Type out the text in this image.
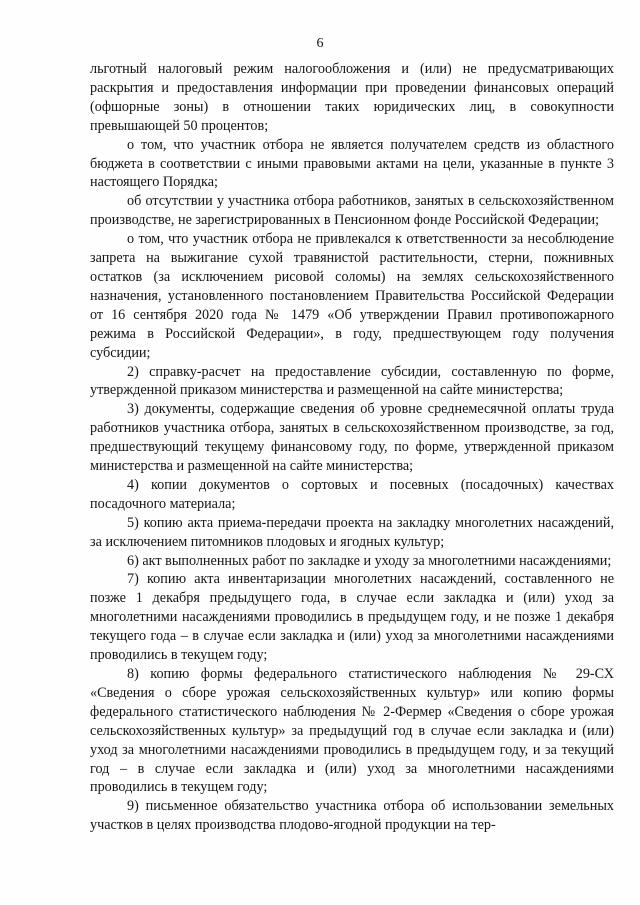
6

льготный налоговый режим налогообложения и (или) не предусматривающих раскрытия и предоставления информации при проведении финансовых операций (офшорные зоны) в отношении таких юридических лиц, в совокупности превышающей 50 процентов;

о том, что участник отбора не является получателем средств из областного бюджета в соответствии с иными правовыми актами на цели, указанные в пункте 3 настоящего Порядка;

об отсутствии у участника отбора работников, занятых в сельскохозяйственном производстве, не зарегистрированных в Пенсионном фонде Российской Федерации;

о том, что участник отбора не привлекался к ответственности за несоблюдение запрета на выжигание сухой травянистой растительности, стерни, пожнивных остатков (за исключением рисовой соломы) на землях сельскохозяйственного назначения, установленного постановлением Правительства Российской Федерации от 16 сентября 2020 года № 1479 «Об утверждении Правил противопожарного режима в Российской Федерации», в году, предшествующем году получения субсидии;

2) справку-расчет на предоставление субсидии, составленную по форме, утвержденной приказом министерства и размещенной на сайте министерства;

3) документы, содержащие сведения об уровне среднемесячной оплаты труда работников участника отбора, занятых в сельскохозяйственном производстве, за год, предшествующий текущему финансовому году, по форме, утвержденной приказом министерства и размещенной на сайте министерства;

4) копии документов о сортовых и посевных (посадочных) качествах посадочного материала;

5) копию акта приема-передачи проекта на закладку многолетних насаждений, за исключением питомников плодовых и ягодных культур;

6) акт выполненных работ по закладке и уходу за многолетними насаждениями;

7) копию акта инвентаризации многолетних насаждений, составленного не позже 1 декабря предыдущего года, в случае если закладка и (или) уход за многолетними насаждениями проводились в предыдущем году, и не позже 1 декабря текущего года – в случае если закладка и (или) уход за многолетними насаждениями проводились в текущем году;

8) копию формы федерального статистического наблюдения № 29-СХ «Сведения о сборе урожая сельскохозяйственных культур» или копию формы федерального статистического наблюдения № 2-Фермер «Сведения о сборе урожая сельскохозяйственных культур» за предыдущий год в случае если закладка и (или) уход за многолетними насаждениями проводились в предыдущем году, и за текущий год – в случае если закладка и (или) уход за многолетними насаждениями проводились в текущем году;

9) письменное обязательство участника отбора об использовании земельных участков в целях производства плодово-ягодной продукции на тер-
